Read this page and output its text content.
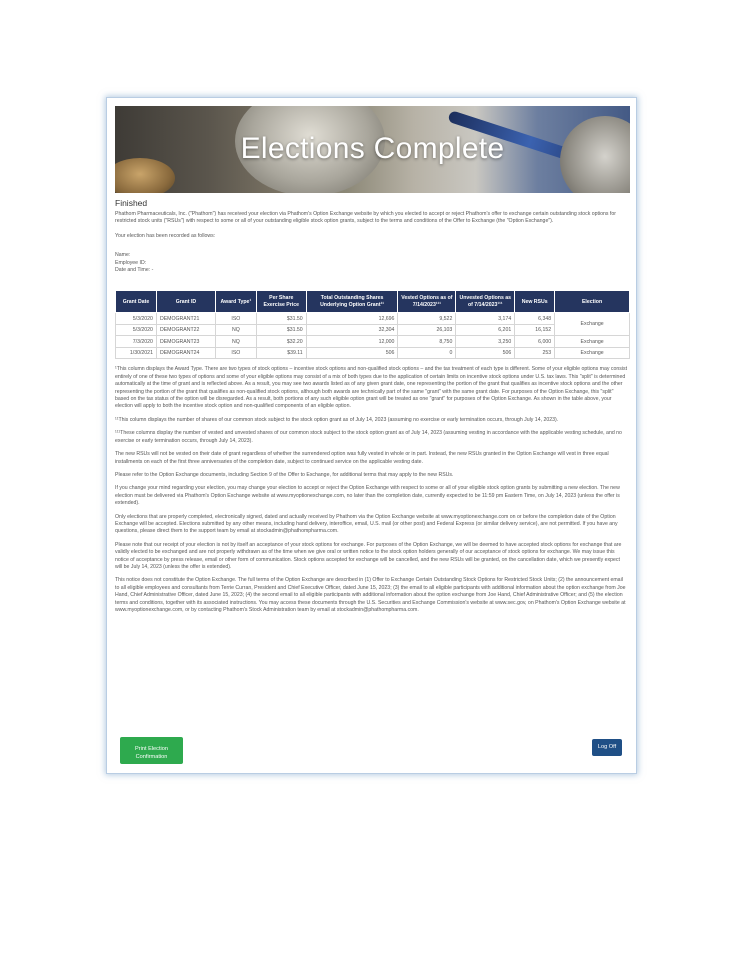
Elections Complete
Finished
Phathom Pharmaceuticals, Inc. ("Phathom") has received your election via Phathom's Option Exchange website by which you elected to accept or reject Phathom's offer to exchange certain outstanding stock options for restricted stock units ("RSUs") with respect to some or all of your outstanding eligible stock option grants, subject to the terms and conditions of the Offer to Exchange (the "Option Exchange").
Your election has been recorded as follows:
Name:
Employee ID:
Date and Time: -
Grant Date	Grant ID	Award Type¹	Per Share Exercise Price	Total Outstanding Shares Underlying Option Grant¹¹	Vested Options as of 7/14/2023¹¹¹	Unvested Options as of 7/14/2023¹¹¹	New RSUs	Election
5/3/2020	DEMOGRANT21	ISO	$31.50	12,696	9,522	3,174	6,348	Exchange
5/3/2020	DEMOGRANT22	NQ	$31.50	32,304	26,103	6,201	16,152	
7/3/2020	DEMOGRANT23	NQ	$32.20	12,000	8,750	3,250	6,000	Exchange
1/30/2021	DEMOGRANT24	ISO	$39.11	506	0	506	253	Exchange
¹This column displays the Award Type. There are two types of stock options – incentive stock options and non-qualified stock options – and the tax treatment of each type is different. Some of your eligible options may consist entirely of one of these two types of options and some of your eligible options may consist of a mix of both types due to the application of certain limits on incentive stock options under U.S. tax laws. This "split" is determined automatically at the time of grant and is reflected above. As a result, you may see two awards listed as of any given grant date, one representing the portion of the grant that qualifies as incentive stock options and the other representing the portion of the grant that qualifies as non-qualified stock options, although both awards are technically part of the same "grant" with the same grant date. For purposes of the Option Exchange, this "split" based on the tax status of the option will be disregarded. As a result, both portions of any such eligible option grant will be treated as one "grant" for purposes of the Option Exchange. As shown in the table above, your election will apply to both the incentive stock option and non-qualified components of an eligible option.
¹¹This column displays the number of shares of our common stock subject to the stock option grant as of July 14, 2023 (assuming no exercise or early termination occurs, through July 14, 2023).
¹¹¹These columns display the number of vested and unvested shares of our common stock subject to the stock option grant as of July 14, 2023 (assuming vesting in accordance with the applicable vesting schedule, and no exercise or early termination occurs, through July 14, 2023).
The new RSUs will not be vested on their date of grant regardless of whether the surrendered option was fully vested in whole or in part. Instead, the new RSUs granted in the Option Exchange will vest in three equal installments on each of the first three anniversaries of the completion date, subject to continued service on the applicable vesting date.
Please refer to the Option Exchange documents, including Section 9 of the Offer to Exchange, for additional terms that may apply to the new RSUs.
If you change your mind regarding your election, you may change your election to accept or reject the Option Exchange with respect to some or all of your eligible stock option grants by submitting a new election. The new election must be delivered via Phathom's Option Exchange website at www.myoptionexchange.com, no later than the completion date, currently expected to be 11:59 pm Eastern Time, on July 14, 2023 (unless the offer is extended).
Only elections that are properly completed, electronically signed, dated and actually received by Phathom via the Option Exchange website at www.myoptionexchange.com on or before the completion date of the Option Exchange will be accepted. Elections submitted by any other means, including hand delivery, interoffice, email, U.S. mail (or other post) and Federal Express (or similar delivery service), are not permitted. If you have any questions, please direct them to the support team by email at stockadmin@phathompharma.com.
Please note that our receipt of your election is not by itself an acceptance of your stock options for exchange. For purposes of the Option Exchange, we will be deemed to have accepted stock options for exchange that are validly elected to be exchanged and are not properly withdrawn as of the time when we give oral or written notice to the stock option holders generally of our acceptance of stock options for exchange. We may issue this notice of acceptance by press release, email or other form of communication. Stock options accepted for exchange will be cancelled, and the new RSUs will be granted, on the cancellation date, which we presently expect will be July 14, 2023 (unless the offer is extended).
This notice does not constitute the Option Exchange. The full terms of the Option Exchange are described in (1) Offer to Exchange Certain Outstanding Stock Options for Restricted Stock Units; (2) the announcement email to all eligible employees and consultants from Terrie Curran, President and Chief Executive Officer, dated June 15, 2023; (3) the email to all eligible participants with additional information about the option exchange from Joe Hand, Chief Administrative Officer, dated June 15, 2023; (4) the second email to all eligible participants with additional information about the option exchange from Joe Hand, Chief Administrative Officer; and (5) the election terms and conditions, together with its associated instructions. You may access these documents through the U.S. Securities and Exchange Commission's website at www.sec.gov, on Phathom's Option Exchange website at www.myoptionexchange.com, or by contacting Phathom's Stock Administration team by email at stockadmin@phathompharma.com.
Print Election Confirmation
Log Off
